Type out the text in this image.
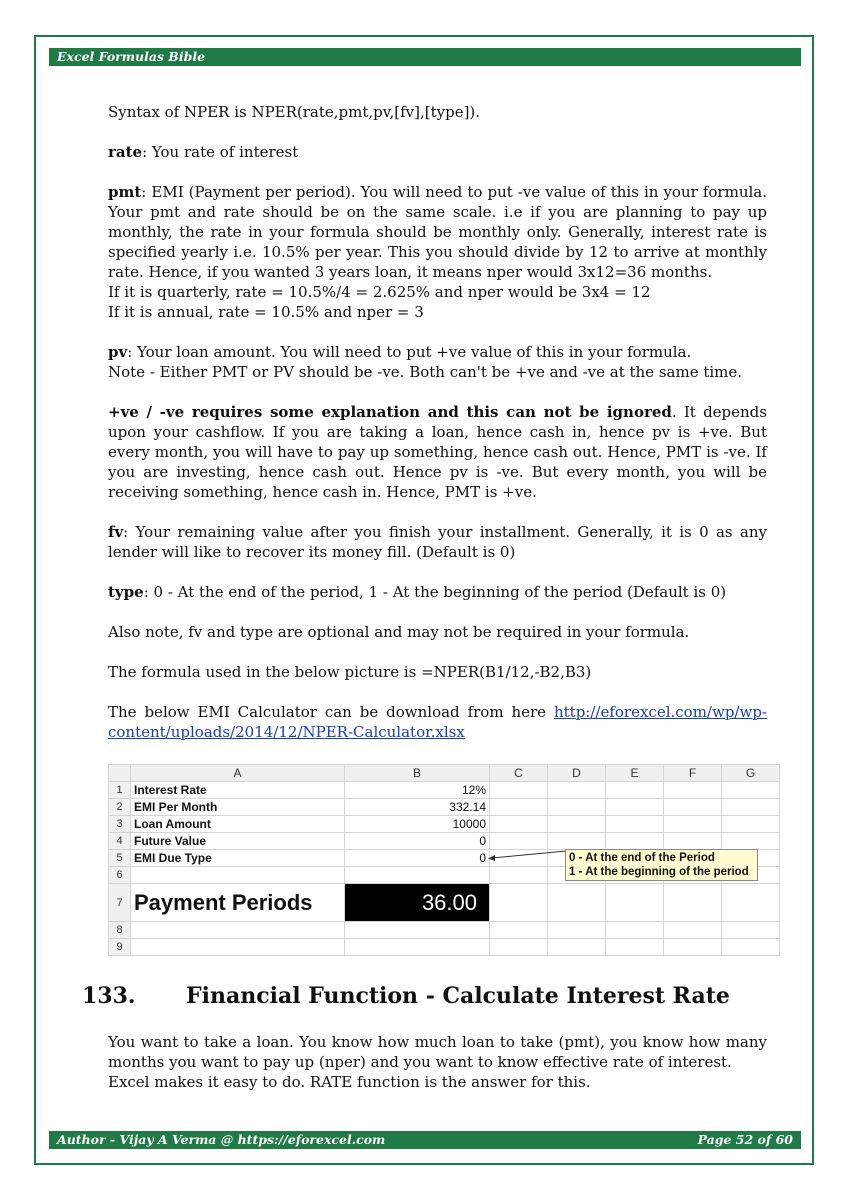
Excel Formulas Bible

Syntax of NPER is NPER(rate,pmt,pv,[fv],[type]).

rate: You rate of interest

pmt: EMI (Payment per period). You will need to put -ve value of this in your formula. Your pmt and rate should be on the same scale. i.e if you are planning to pay up monthly, the rate in your formula should be monthly only. Generally, interest rate is specified yearly i.e. 10.5% per year. This you should divide by 12 to arrive at monthly rate. Hence, if you wanted 3 years loan, it means nper would 3x12=36 months.

If it is quarterly, rate = 10.5%/4 = 2.625% and nper would be 3x4 = 12

If it is annual, rate = 10.5% and nper = 3

pv: Your loan amount. You will need to put +ve value of this in your formula.

Note - Either PMT or PV should be -ve. Both can't be +ve and -ve at the same time.

+ve / -ve requires some explanation and this can not be ignored. It depends upon your cashflow. If you are taking a loan, hence cash in, hence pv is +ve. But every month, you will have to pay up something, hence cash out. Hence, PMT is -ve. If you are investing, hence cash out. Hence pv is -ve. But every month, you will be receiving something, hence cash in. Hence, PMT is +ve.

fv: Your remaining value after you finish your installment. Generally, it is 0 as any lender will like to recover its money fill. (Default is 0)

type: 0 - At the end of the period, 1 - At the beginning of the period (Default is 0)

Also note, fv and type are optional and may not be required in your formula.

The formula used in the below picture is =NPER(B1/12,-B2,B3)

The below EMI Calculator can be download from here http://eforexcel.com/wp/wp-content/uploads/2014/12/NPER-Calculator.xlsx

	A	B	C	D	E	F	G
1	Interest Rate	12%					
2	EMI Per Month	332.14					
3	Loan Amount	10000					
4	Future Value	0					
5	EMI Due Type	0					
6							
7	Payment Periods	36.00					
8							
9							
0 - At the end of the Period
1 - At the beginning of the period
133. Financial Function - Calculate Interest Rate

You want to take a loan. You know how much loan to take (pmt), you know how many months you want to pay up (nper) and you want to know effective rate of interest.

Excel makes it easy to do. RATE function is the answer for this.

Author - Vijay A Verma @ https://eforexcel.com	Page 52 of 60
